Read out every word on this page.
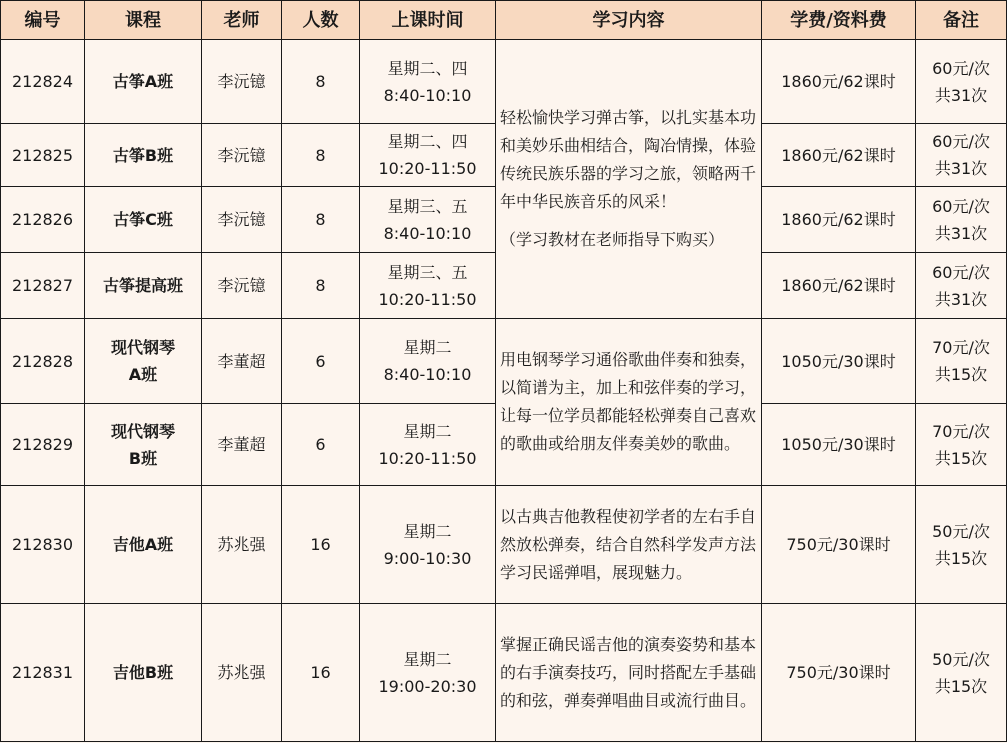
编号	课程	老师	人数	上课时间	学习内容	学费/资料费	备注
212824	古筝A班	李沅镱	8	星期二、四
8:40-10:10	轻松愉快学习弹古筝，以扎实基本功和美妙乐曲相结合，陶冶情操，体验传统民族乐器的学习之旅，领略两千年中华民族音乐的风采！
（学习教材在老师指导下购买）	1860元/62课时	60元/次
共31次

212825	古筝B班	李沅镱	8	星期二、四
10:20-11:50		1860元/62课时	60元/次
共31次

212826	古筝C班	李沅镱	8	星期三、五
8:40-10:10		1860元/62课时	60元/次
共31次

212827	古筝提高班	李沅镱	8	星期三、五
10:20-11:50		1860元/62课时	60元/次
共31次

212828	现代钢琴
A班	李董超	6	星期二
8:40-10:10	用电钢琴学习通俗歌曲伴奏和独奏，以简谱为主，加上和弦伴奏的学习，让每一位学员都能轻松弹奏自己喜欢的歌曲或给朋友伴奏美妙的歌曲。	1050元/30课时	70元/次
共15次

212829	现代钢琴
B班	李董超	6	星期二
10:20-11:50		1050元/30课时	70元/次
共15次

212830	吉他A班	苏兆强	16	星期二
9:00-10:30	以古典吉他教程使初学者的左右手自然放松弹奏，结合自然科学发声方法学习民谣弹唱，展现魅力。	750元/30课时	50元/次
共15次

212831	吉他B班	苏兆强	16	星期二
19:00-20:30	掌握正确民谣吉他的演奏姿势和基本的右手演奏技巧，同时搭配左手基础的和弦，弹奏弹唱曲目或流行曲目。	750元/30课时	50元/次
共15次
